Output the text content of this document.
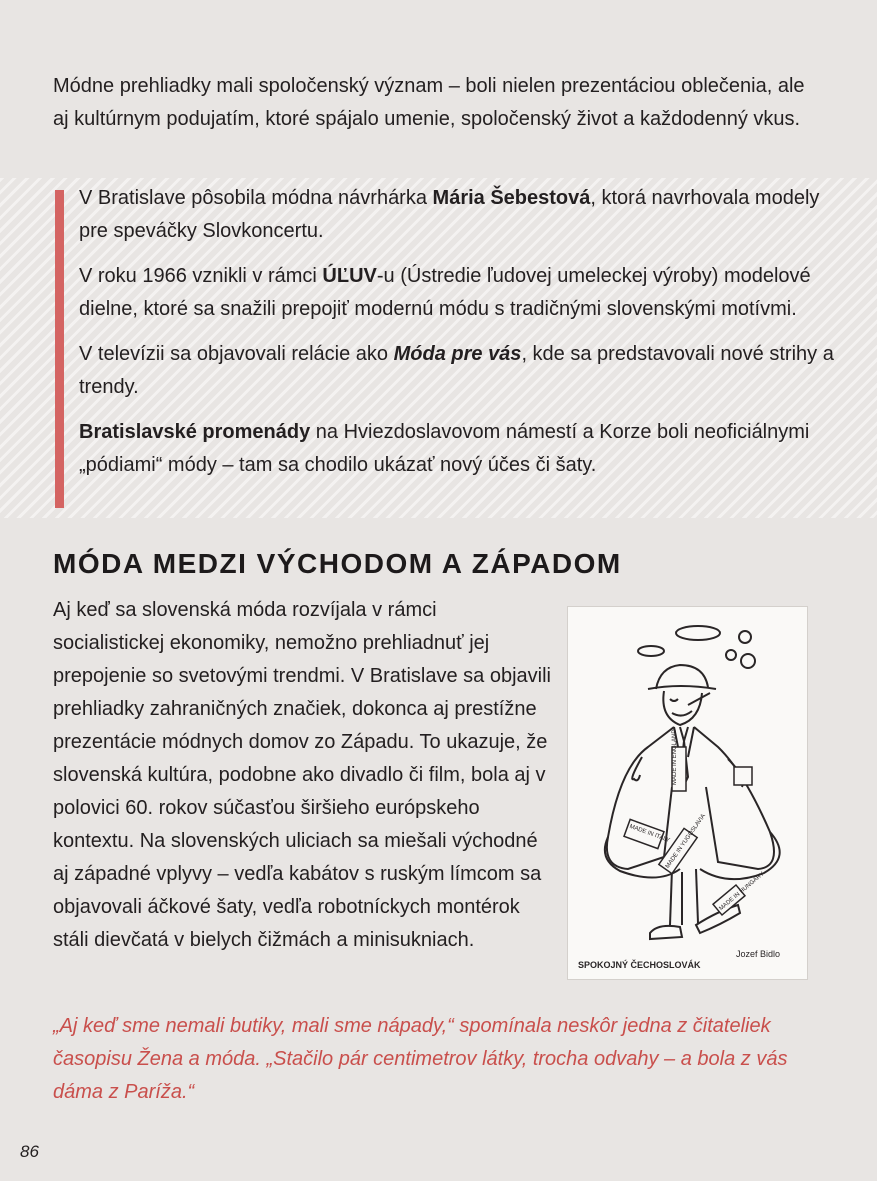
Módne prehliadky mali spoločenský význam – boli nielen prezentáciou oblečenia, ale aj kultúrnym podujatím, ktoré spájalo umenie, spoločenský život a každodenný vkus.

V Bratislave pôsobila módna návrhárka Mária Šebestová, ktorá navrhovala modely pre speváčky Slovkoncertu.

V roku 1966 vznikli v rámci ÚĽUV-u (Ústredie ľudovej umeleckej výroby) modelové dielne, ktoré sa snažili prepojiť modernú módu s tradičnými slovenskými motívmi.

V televízii sa objavovali relácie ako Móda pre vás, kde sa predstavovali nové strihy a trendy.

Bratislavské promenády na Hviezdoslavovom námestí a Korze boli neoficiálnymi „pódiami“ módy – tam sa chodilo ukázať nový účes či šaty.

MÓDA MEDZI VÝCHODOM A ZÁPADOM

Aj keď sa slovenská móda rozvíjala v rámci socialistickej ekonomiky, nemožno prehliadnuť jej prepojenie so svetovými trendmi. V Bratislave sa objavili prehliadky zahraničných značiek, dokonca aj prestížne prezentácie módnych domov zo Západu. To ukazuje, že slovenská kultúra, podobne ako divadlo či film, bola aj v polovici 60. rokov súčasťou širšieho európskeho kontextu. Na slovenských uliciach sa miešali východné aj západné vplyvy – vedľa kabátov s ruským límcom sa objavovali áčkové šaty, vedľa robotníckych montérok stáli dievčatá v bielych čižmách a minisukniach.

MADE IN ENGLAND
MADE IN ITALY
MADE IN YUGOSLAVIA
MADE IN HUNGARY
SPOKOJNÝ ČECHOSLOVÁK
Jozef Bidlo

„Aj keď sme nemali butiky, mali sme nápady,“ spomínala neskôr jedna z čitateliek časopisu Žena a móda. „Stačilo pár centimetrov látky, trocha odvahy – a bola z vás dáma z Paríža.“

86
